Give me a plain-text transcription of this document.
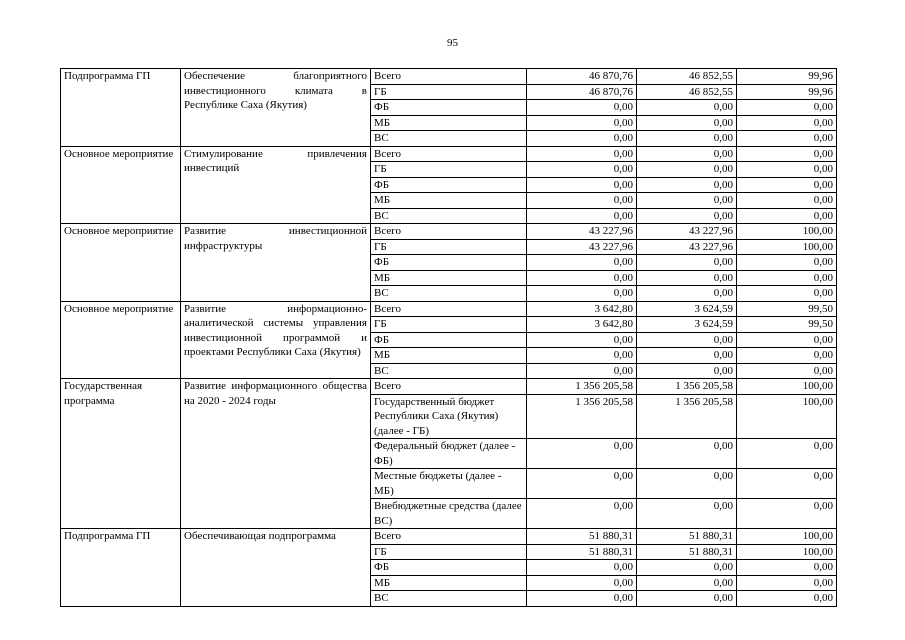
95
Подпрограмма ГП	Обеспечение благоприятного инвестиционного климата в Республике Саха (Якутия)	Всего	46 870,76	46 852,55	99,96
		ГБ	46 870,76	46 852,55	99,96
		ФБ	0,00	0,00	0,00
		МБ	0,00	0,00	0,00
		ВС	0,00	0,00	0,00
Основное мероприятие	Стимулирование привлечения инвестиций	Всего	0,00	0,00	0,00
		ГБ	0,00	0,00	0,00
		ФБ	0,00	0,00	0,00
		МБ	0,00	0,00	0,00
		ВС	0,00	0,00	0,00
Основное мероприятие	Развитие инвестиционной инфраструктуры	Всего	43 227,96	43 227,96	100,00
		ГБ	43 227,96	43 227,96	100,00
		ФБ	0,00	0,00	0,00
		МБ	0,00	0,00	0,00
		ВС	0,00	0,00	0,00
Основное мероприятие	Развитие информационно-аналитической системы управления инвестиционной программой и проектами Республики Саха (Якутия)	Всего	3 642,80	3 624,59	99,50
		ГБ	3 642,80	3 624,59	99,50
		ФБ	0,00	0,00	0,00
		МБ	0,00	0,00	0,00
		ВС	0,00	0,00	0,00
Государственная программа	Развитие информационного общества на 2020 - 2024 годы	Всего	1 356 205,58	1 356 205,58	100,00
		Государственный бюджет Республики Саха (Якутия) (далее - ГБ)	1 356 205,58	1 356 205,58	100,00
		Федеральный бюджет (далее - ФБ)	0,00	0,00	0,00
		Местные бюджеты (далее - МБ)	0,00	0,00	0,00
		Внебюджетные средства (далее ВС)	0,00	0,00	0,00
Подпрограмма ГП	Обеспечивающая подпрограмма	Всего	51 880,31	51 880,31	100,00
		ГБ	51 880,31	51 880,31	100,00
		ФБ	0,00	0,00	0,00
		МБ	0,00	0,00	0,00
		ВС	0,00	0,00	0,00
